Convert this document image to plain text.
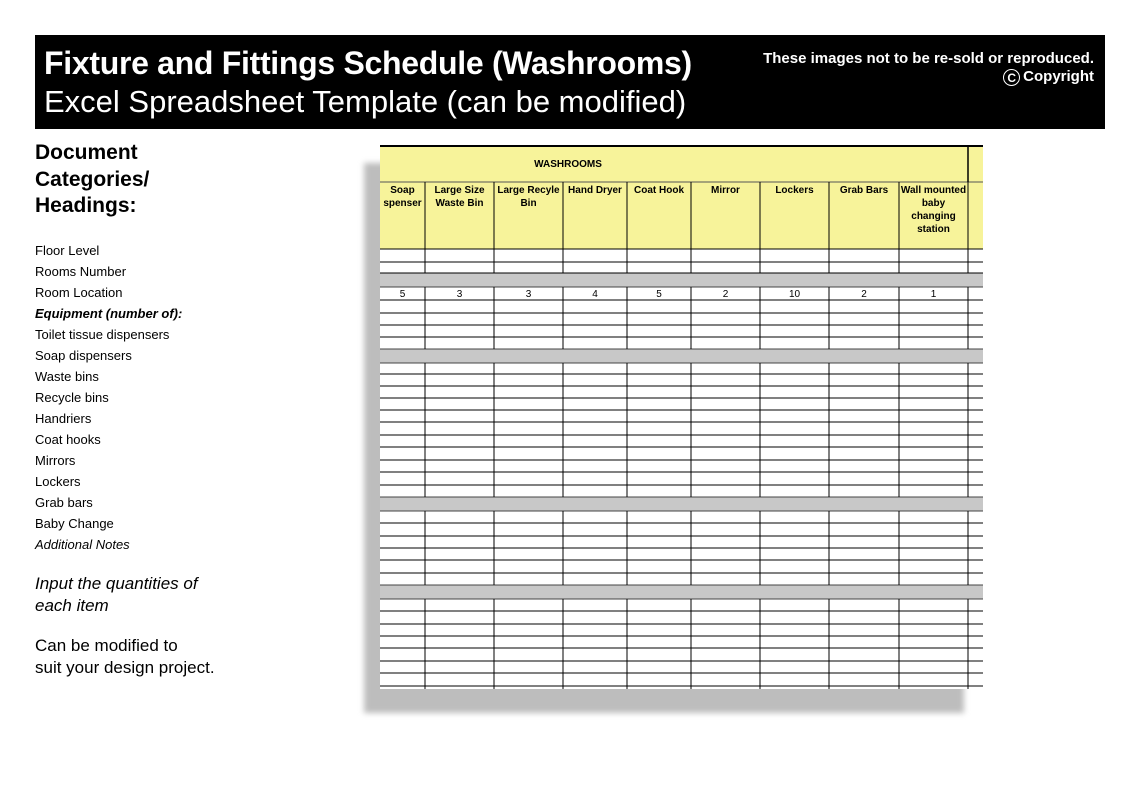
Fixture and Fittings Schedule (Washrooms)
Excel Spreadsheet Template (can be modified)
These images not to be re-sold or reproduced.
C Copyright
Document
Categories/
Headings:
Floor Level
Rooms Number
Room Location
Equipment (number of):
Toilet tissue dispensers
Soap dispensers
Waste bins
Recycle bins
Handriers
Coat hooks
Mirrors
Lockers
Grab bars
Baby Change
Additional Notes
Input the quantities of
each item
Can be modified to
suit your design project.
WASHROOMS
Soap
spenser
5
Large Size
Waste Bin
3
Large Recyle
Bin
3
Hand Dryer
4
Coat Hook
5
Mirror
2
Lockers
10
Grab Bars
2
Wall mounted
baby
changing
station
1
